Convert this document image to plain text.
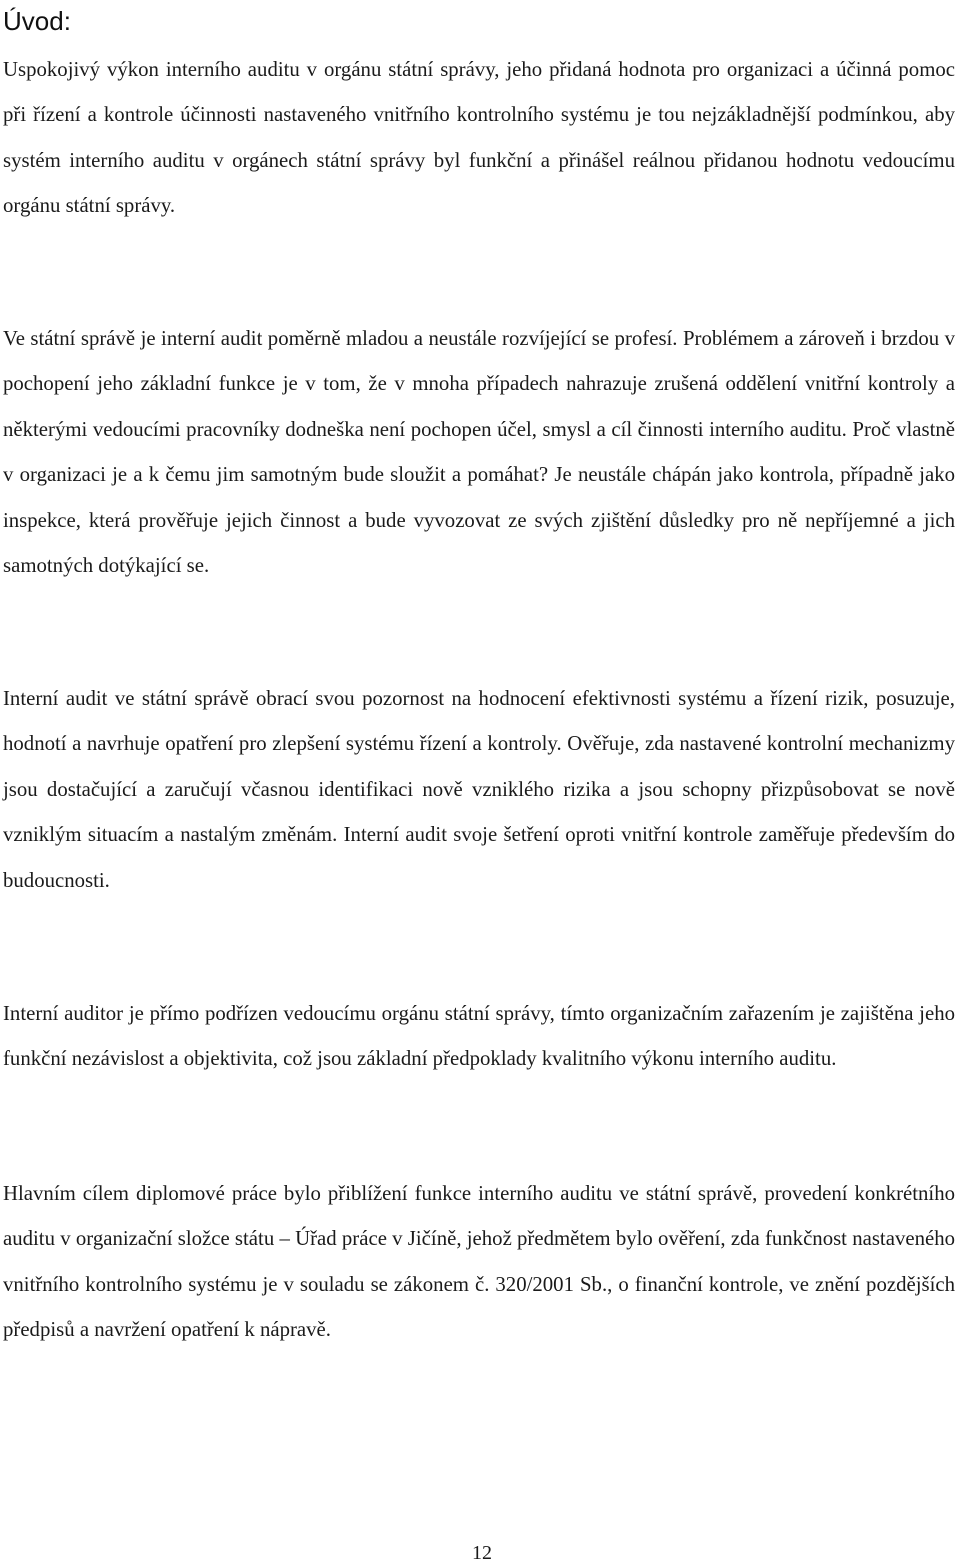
Úvod:

Uspokojivý výkon interního auditu v orgánu státní správy, jeho přidaná hodnota pro organizaci a účinná pomoc při řízení a kontrole účinnosti nastaveného vnitřního kontrolního systému je tou nejzákladnější podmínkou, aby systém interního auditu v orgánech státní správy byl funkční a přinášel reálnou přidanou hodnotu vedoucímu orgánu státní správy.

Ve státní správě je interní audit poměrně mladou a neustále rozvíjející se profesí. Problémem a zároveň i brzdou v pochopení jeho základní funkce je v tom, že v mnoha případech nahrazuje zrušená oddělení vnitřní kontroly a některými vedoucími pracovníky dodneška není pochopen účel, smysl a cíl činnosti interního auditu. Proč vlastně v organizaci je a k čemu jim samotným bude sloužit a pomáhat? Je neustále chápán jako kontrola, případně jako inspekce, která prověřuje jejich činnost a bude vyvozovat ze svých zjištění důsledky pro ně nepříjemné a jich samotných dotýkající se.

Interní audit ve státní správě obrací svou pozornost na hodnocení efektivnosti systému a řízení rizik, posuzuje, hodnotí a navrhuje opatření pro zlepšení systému řízení a kontroly. Ověřuje, zda nastavené kontrolní mechanizmy jsou dostačující a zaručují včasnou identifikaci nově vzniklého rizika a jsou schopny přizpůsobovat se nově vzniklým situacím a nastalým změnám. Interní audit svoje šetření oproti vnitřní kontrole zaměřuje především do budoucnosti.

Interní auditor je přímo podřízen vedoucímu orgánu státní správy, tímto organizačním zařazením je zajištěna jeho funkční nezávislost a objektivita, což jsou základní předpoklady kvalitního výkonu interního auditu.

Hlavním cílem diplomové práce bylo přiblížení funkce interního auditu ve státní správě, provedení konkrétního auditu v organizační složce státu – Úřad práce v Jičíně, jehož předmětem bylo ověření, zda funkčnost nastaveného vnitřního kontrolního systému je v souladu se zákonem č. 320/2001 Sb., o finanční kontrole, ve znění pozdějších předpisů a navržení opatření k nápravě.

12
